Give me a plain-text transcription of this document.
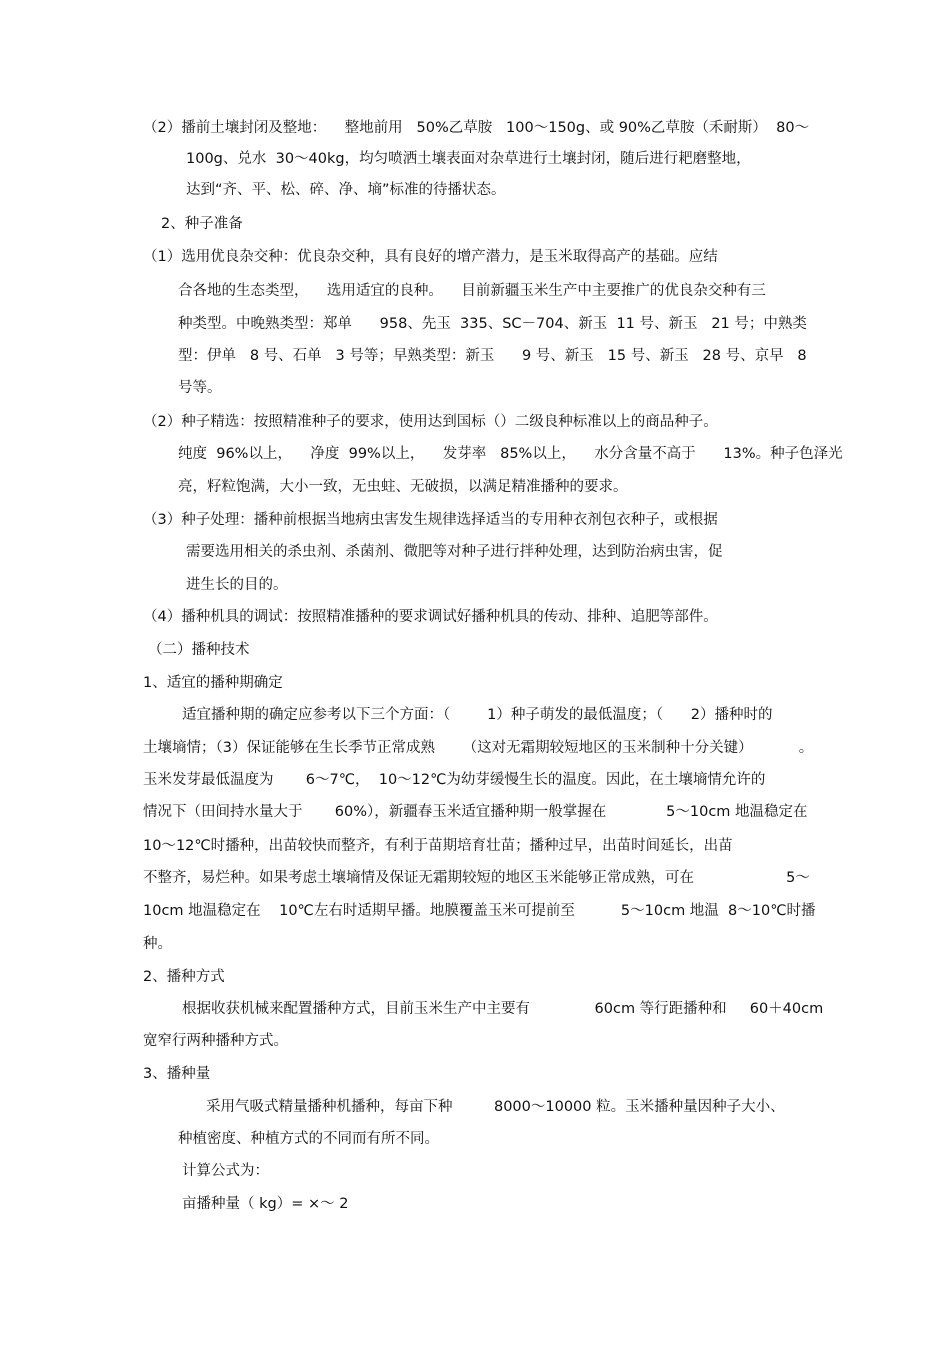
（2）播前土壤封闭及整地：    整地前用   50%乙草胺   100～150g、或 90%乙草胺（禾耐斯）  80～
100g、兑水  30～40kg，均匀喷洒土壤表面对杂草进行土壤封闭，随后进行耙磨整地，
达到“齐、平、松、碎、净、墒”标准的待播状态。
2、种子准备
（1）选用优良杂交种：优良杂交种，具有良好的增产潜力，是玉米取得高产的基础。应结
合各地的生态类型，    选用适宜的良种。    目前新疆玉米生产中主要推广的优良杂交种有三
种类型。中晚熟类型：郑单      958、先玉  335、SC－704、新玉  11 号、新玉   21 号；中熟类
型：伊单   8 号、石单   3 号等；早熟类型：新玉      9 号、新玉   15 号、新玉   28 号、京早   8
号等。
（2）种子精选：按照精准种子的要求，使用达到国标（）二级良种标准以上的商品种子。
纯度  96%以上，    净度  99%以上，    发芽率   85%以上，    水分含量不高于      13%。种子色泽光
亮，籽粒饱满，大小一致，无虫蛀、无破损，以满足精准播种的要求。
（3）种子处理：播种前根据当地病虫害发生规律选择适当的专用种衣剂包衣种子，或根据
需要选用相关的杀虫剂、杀菌剂、微肥等对种子进行拌种处理，达到防治病虫害，促
进生长的目的。
（4）播种机具的调试：按照精准播种的要求调试好播种机具的传动、排种、追肥等部件。
（二）播种技术
1、适宜的播种期确定
适宜播种期的确定应参考以下三个方面：（        1）种子萌发的最低温度；（      2）播种时的
土壤墒情；（3）保证能够在生长季节正常成熟      （这对无霜期较短地区的玉米制种十分关键）          。
玉米发芽最低温度为       6～7℃，  10～12℃为幼芽缓慢生长的温度。因此，在土壤墒情允许的
情况下（田间持水量大于       60%），新疆春玉米适宜播种期一般掌握在             5～10cm 地温稳定在
10～12℃时播种，出苗较快而整齐，有利于苗期培育壮苗；播种过早，出苗时间延长，出苗
不整齐，易烂种。如果考虑土壤墒情及保证无霜期较短的地区玉米能够正常成熟，可在                    5～
10cm 地温稳定在    10℃左右时适期早播。地膜覆盖玉米可提前至          5～10cm 地温  8～10℃时播
种。
2、播种方式
根据收获机械来配置播种方式，目前玉米生产中主要有              60cm 等行距播种和     60＋40cm
宽窄行两种播种方式。
3、播种量
采用气吸式精量播种机播种，每亩下种         8000～10000 粒。玉米播种量因种子大小、
种植密度、种植方式的不同而有所不同。
计算公式为：
亩播种量（ kg）= ×～ 2
